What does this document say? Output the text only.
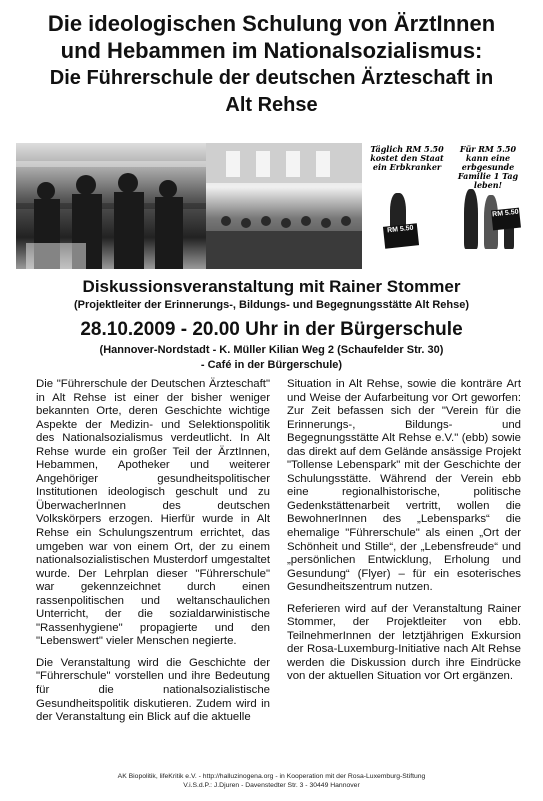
Die ideologischen Schulung von ÄrztInnen
und Hebammen im Nationalsozialismus:
Die Führerschule der deutschen Ärzteschaft in
Alt Rehse
Täglich RM 5.50 kostet den Staat ein Erbkranker
Für RM 5.50 kann eine erbgesunde Familie 1 Tag leben!
RM 5.50
RM 5.50
Diskussionsveranstaltung mit Rainer Stommer
(Projektleiter der Erinnerungs-, Bildungs- und Begegnungsstätte Alt Rehse)
28.10.2009 - 20.00 Uhr in der Bürgerschule
(Hannover-Nordstadt - K. Müller Kilian Weg 2 (Schaufelder Str. 30)
- Café in der Bürgerschule)

Die "Führerschule der Deutschen Ärzteschaft" in Alt Rehse ist einer der bisher weniger bekannten Orte, deren Geschichte wichtige Aspekte der Medizin- und Selektionspolitik des Nationalsozialismus verdeutlicht. In Alt Rehse wurde ein großer Teil der ÄrztInnen, Hebammen, Apotheker und weiterer Angehöriger gesundheitspolitischer Institutionen ideologisch geschult und zu ÜberwacherInnen des deutschen Volkskörpers erzogen. Hierfür wurde in Alt Rehse ein Schulungszentrum errichtet, das umgeben war von einem Ort, der zu einem nationalsozialistischen Musterdorf umgestaltet wurde. Der Lehrplan dieser "Führerschule" war gekennzeichnet durch einen rassenpolitischen und weltanschaulichen Unterricht, der die sozialdarwinistische "Rassenhygiene" propagierte und den "Lebenswert" vieler Menschen negierte.

Die Veranstaltung wird die Geschichte der "Führerschule" vorstellen und ihre Bedeutung für die nationalsozialistische Gesundheitspolitik diskutieren. Zudem wird in der Veranstaltung ein Blick auf die aktuelle

Situation in Alt Rehse, sowie die konträre Art und Weise der Aufarbeitung vor Ort geworfen: Zur Zeit befassen sich der "Verein für die Erinnerungs-, Bildungs- und Begegnungsstätte Alt Rehse e.V." (ebb) sowie das direkt auf dem Gelände ansässige Projekt "Tollense Lebenspark" mit der Geschichte der Schulungsstätte. Während der Verein ebb eine regionalhistorische, politische Gedenkstättenarbeit vertritt, wollen die BewohnerInnen des „Lebensparks“ die ehemalige "Führerschule" als einen „Ort der Schönheit und Stille“, der „Lebensfreude“ und „persönlichen Entwicklung, Erholung und Gesundung“ (Flyer) – für ein esoterisches Gesundheitszentrum nutzen.

Referieren wird auf der Veranstaltung Rainer Stommer, der Projektleiter von ebb. TeilnehmerInnen der letztjährigen Exkursion der Rosa-Luxemburg-Initiative nach Alt Rehse werden die Diskussion durch ihre Eindrücke von der aktuellen Situation vor Ort ergänzen.

AK Biopolitik, lifeKritik e.V. - http://halluzinogena.org - in Kooperation mit der Rosa-Luxemburg-Stiftung
V.i.S.d.P.: J.Djuren - Davenstedter Str. 3 - 30449 Hannover
